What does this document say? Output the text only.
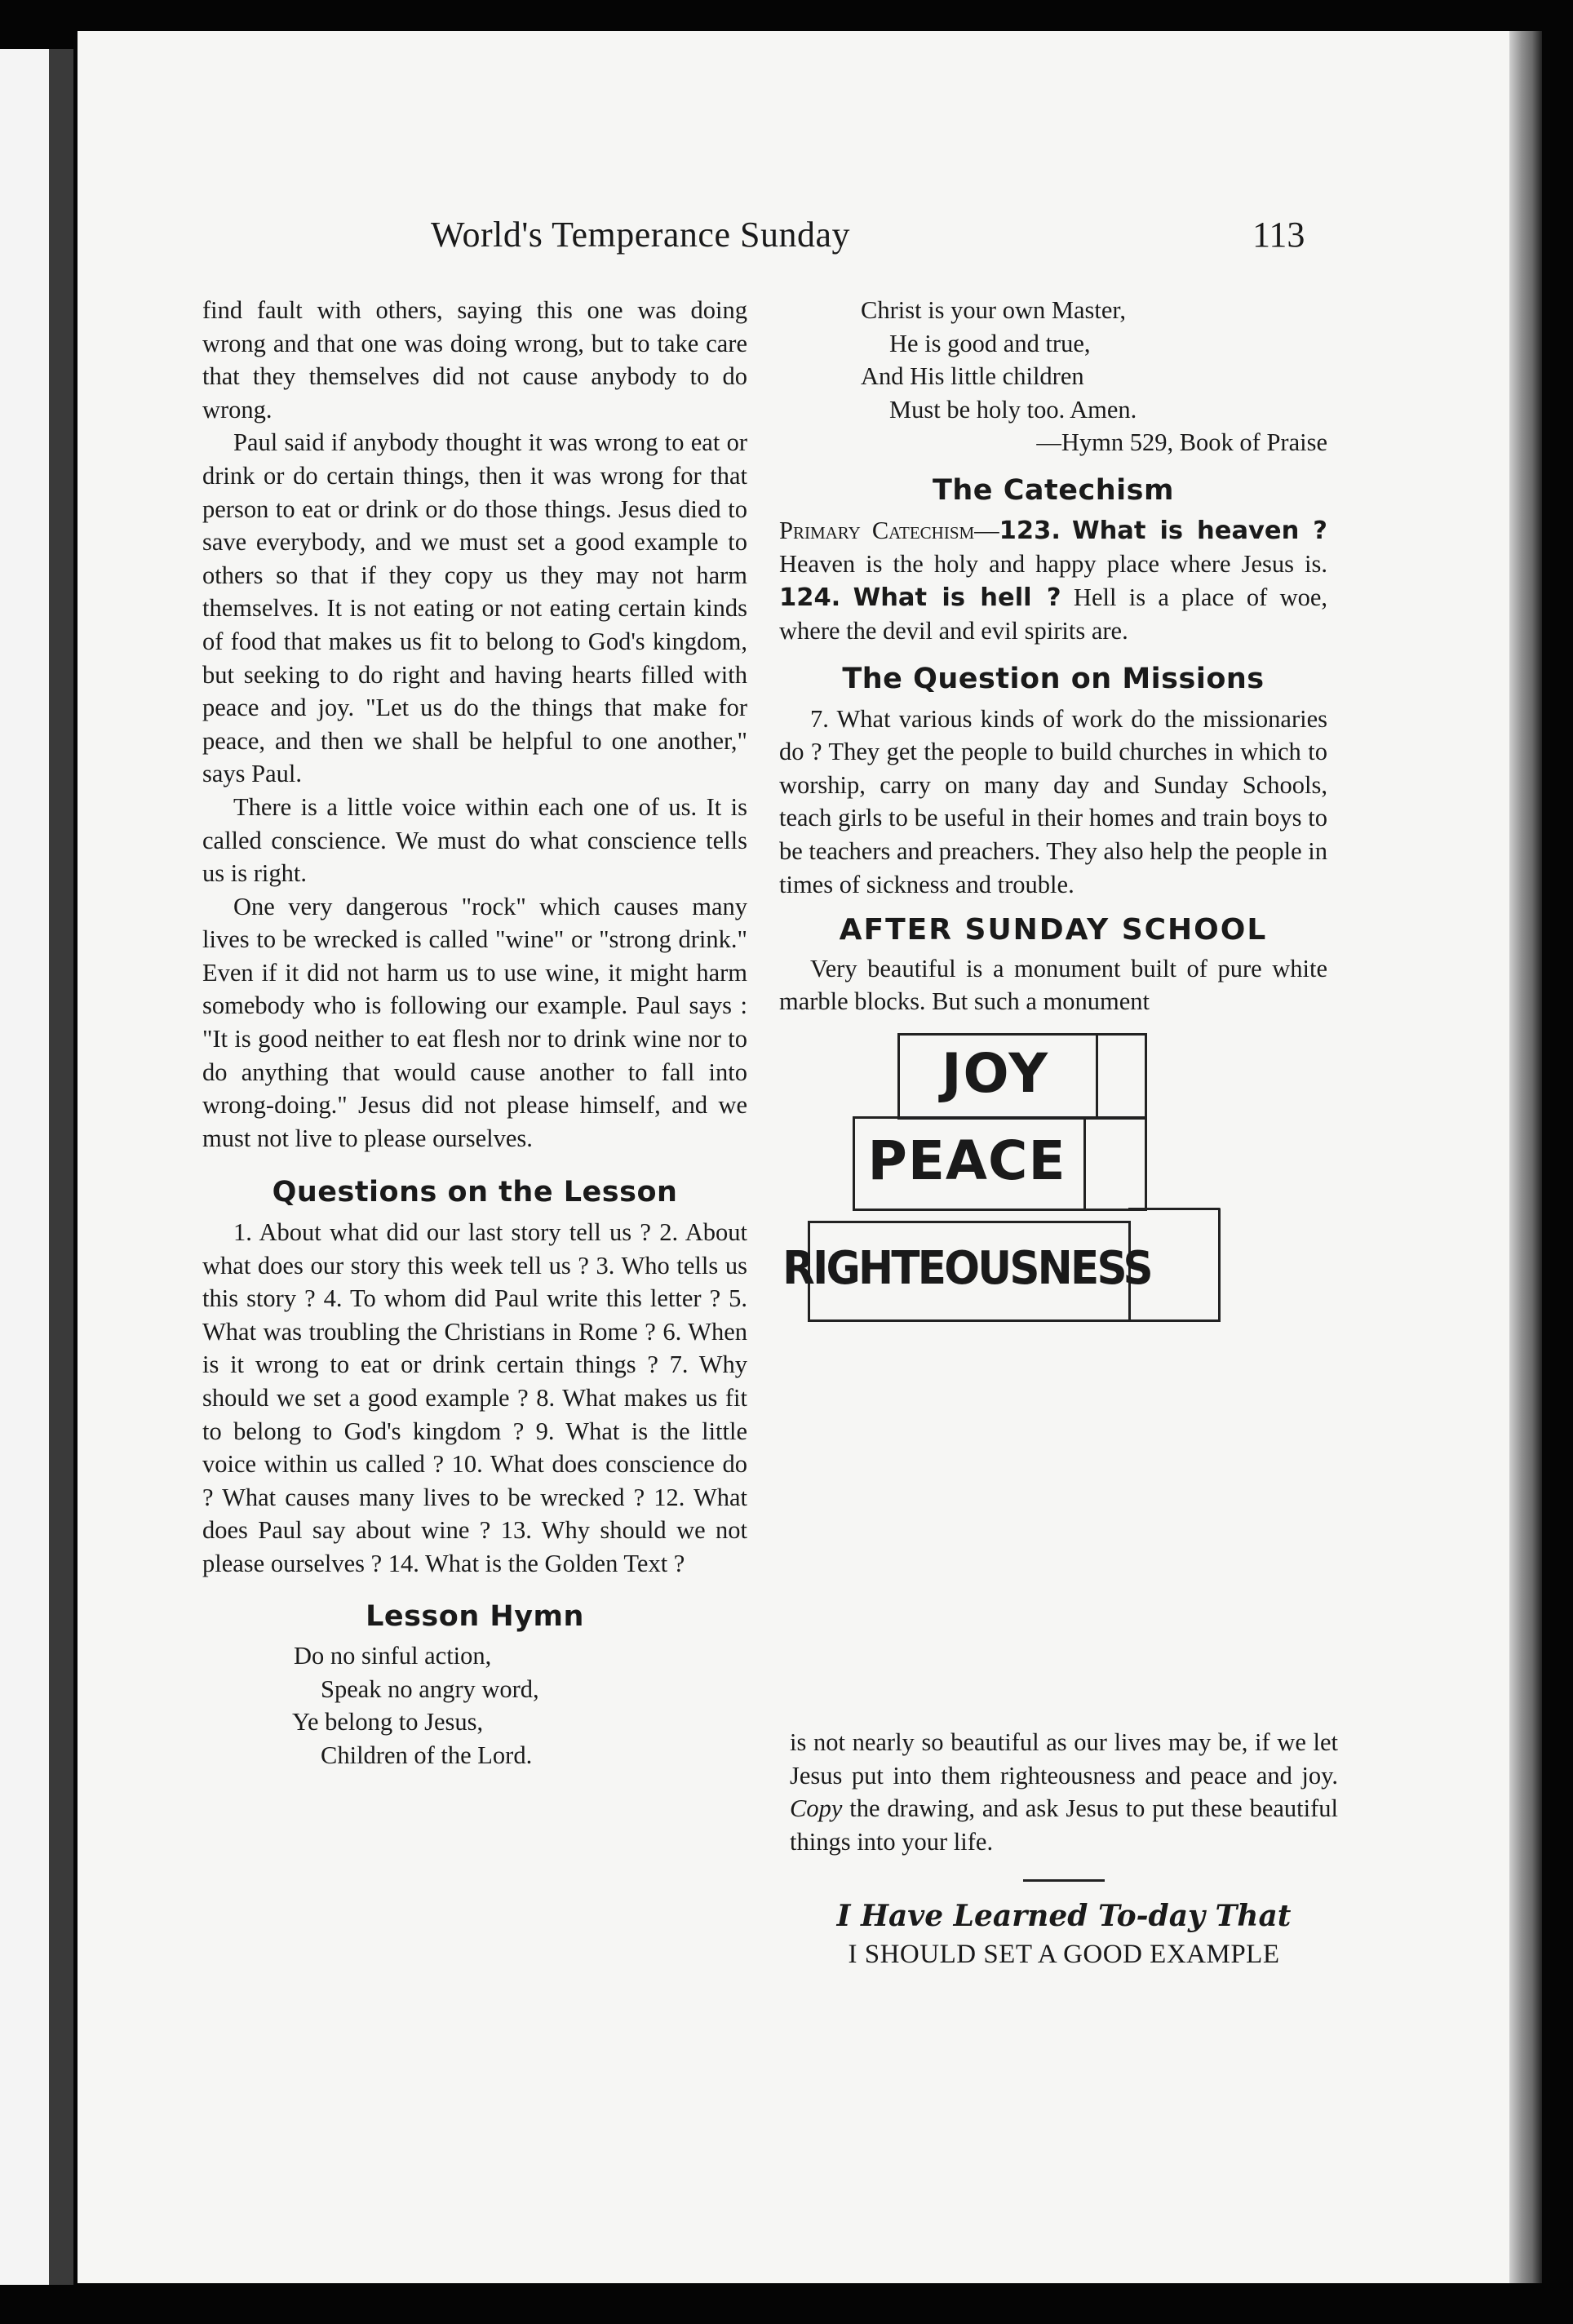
World's Temperance Sunday	113

find fault with others, saying this one was doing wrong and that one was doing wrong, but to take care that they themselves did not cause anybody to do wrong.

Paul said if anybody thought it was wrong to eat or drink or do certain things, then it was wrong for that person to eat or drink or do those things. Jesus died to save everybody, and we must set a good example to others so that if they copy us they may not harm themselves. It is not eating or not eating certain kinds of food that makes us fit to belong to God's kingdom, but seeking to do right and having hearts filled with peace and joy. "Let us do the things that make for peace, and then we shall be helpful to one another," says Paul.

There is a little voice within each one of us. It is called conscience. We must do what conscience tells us is right.

One very dangerous "rock" which causes many lives to be wrecked is called "wine" or "strong drink." Even if it did not harm us to use wine, it might harm somebody who is following our example. Paul says : "It is good neither to eat flesh nor to drink wine nor to do anything that would cause another to fall into wrong-doing." Jesus did not please himself, and we must not live to please ourselves.

Questions on the Lesson

1. About what did our last story tell us ? 2. About what does our story this week tell us ? 3. Who tells us this story ? 4. To whom did Paul write this letter ? 5. What was troubling the Christians in Rome ? 6. When is it wrong to eat or drink certain things ? 7. Why should we set a good example ? 8. What makes us fit to belong to God's kingdom ? 9. What is the little voice within us called ? 10. What does conscience do ? What causes many lives to be wrecked ? 12. What does Paul say about wine ? 13. Why should we not please ourselves ? 14. What is the Golden Text ?

Lesson Hymn

Do no sinful action,

Speak no angry word,

Ye belong to Jesus,

Children of the Lord.

Christ is your own Master,

He is good and true,

And His little children

Must be holy too. Amen.

—Hymn 529, Book of Praise

The Catechism

Primary Catechism—123. What is heaven ? Heaven is the holy and happy place where Jesus is. 124. What is hell ? Hell is a place of woe, where the devil and evil spirits are.

The Question on Missions

7. What various kinds of work do the missionaries do ? They get the people to build churches in which to worship, carry on many day and Sunday Schools, teach girls to be useful in their homes and train boys to be teachers and preachers. They also help the people in times of sickness and trouble.

AFTER SUNDAY SCHOOL

Very beautiful is a monument built of pure white marble blocks. But such a monument

JOY
PEACE
RIGHTEOUSNESS

is not nearly so beautiful as our lives may be, if we let Jesus put into them righteousness and peace and joy. Copy the drawing, and ask Jesus to put these beautiful things into your life.

I Have Learned To-day That
I SHOULD SET A GOOD EXAMPLE
